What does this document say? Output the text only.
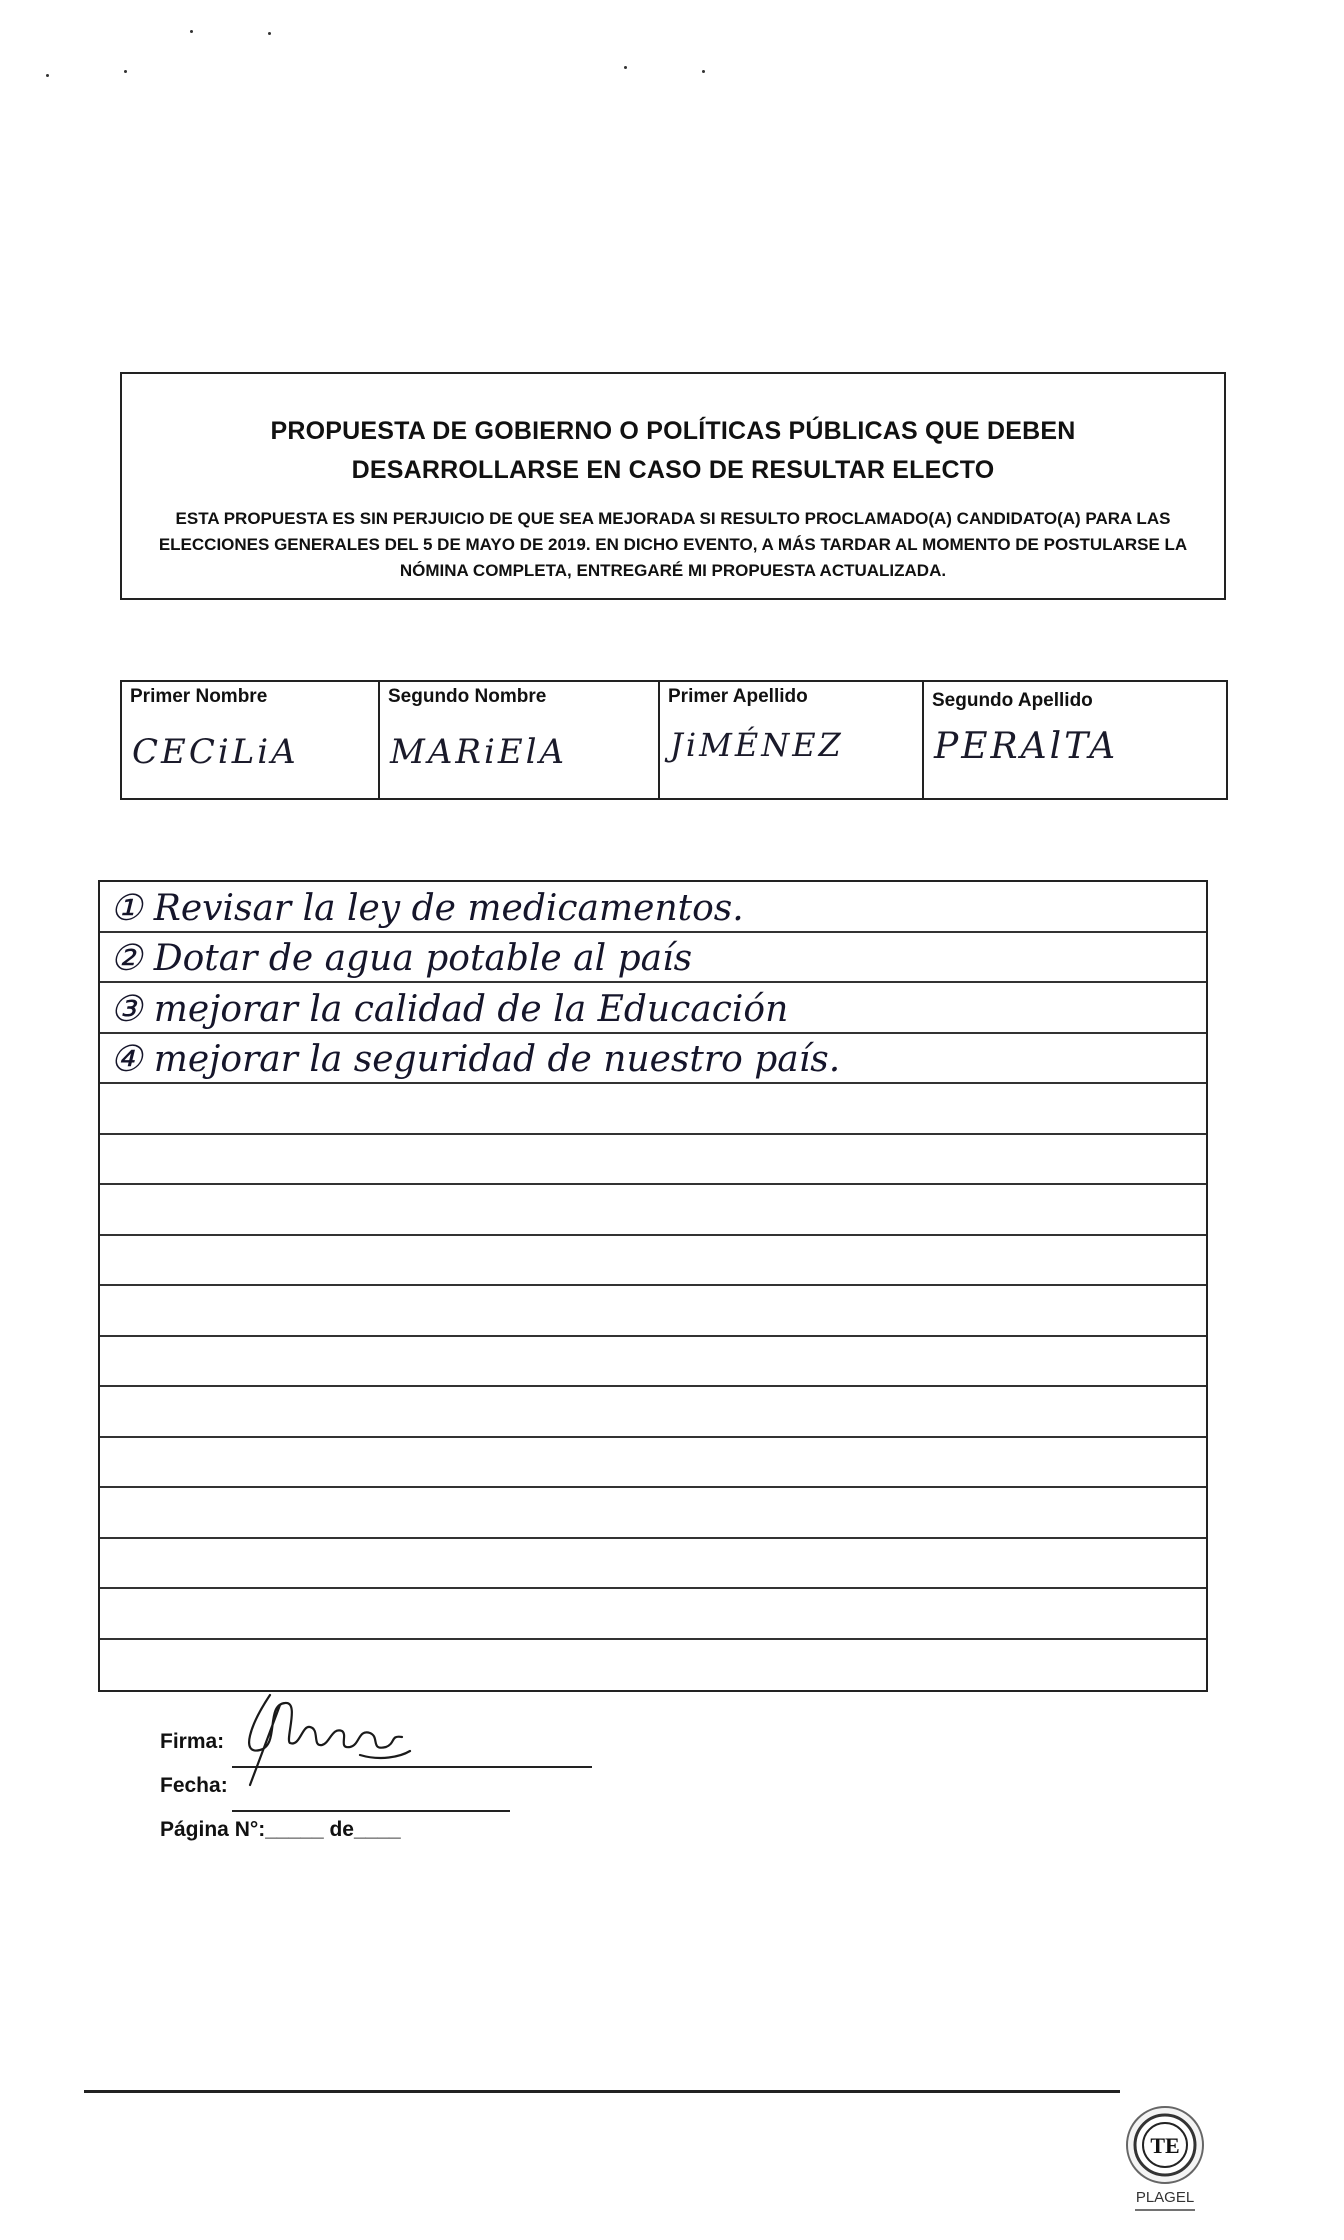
PROPUESTA DE GOBIERNO O POLÍTICAS PÚBLICAS QUE DEBEN DESARROLLARSE EN CASO DE RESULTAR ELECTO
ESTA PROPUESTA ES SIN PERJUICIO DE QUE SEA MEJORADA SI RESULTO PROCLAMADO(A) CANDIDATO(A) PARA LAS ELECCIONES GENERALES DEL 5 DE MAYO DE 2019. EN DICHO EVENTO, A MÁS TARDAR AL MOMENTO DE POSTULARSE LA NÓMINA COMPLETA, ENTREGARÉ MI PROPUESTA ACTUALIZADA.
Primer Nombre
CECiLiA
Segundo Nombre
MARiElA
Primer Apellido
JiMÉNEZ
Segundo Apellido
PERAlTA
① Revisar la ley de medicamentos.
② Dotar de agua potable al país
③ mejorar la calidad de la Educación
④ mejorar la seguridad de nuestro país.
Firma:
Fecha:
Página N°:_____ de____
TE
PLAGEL
